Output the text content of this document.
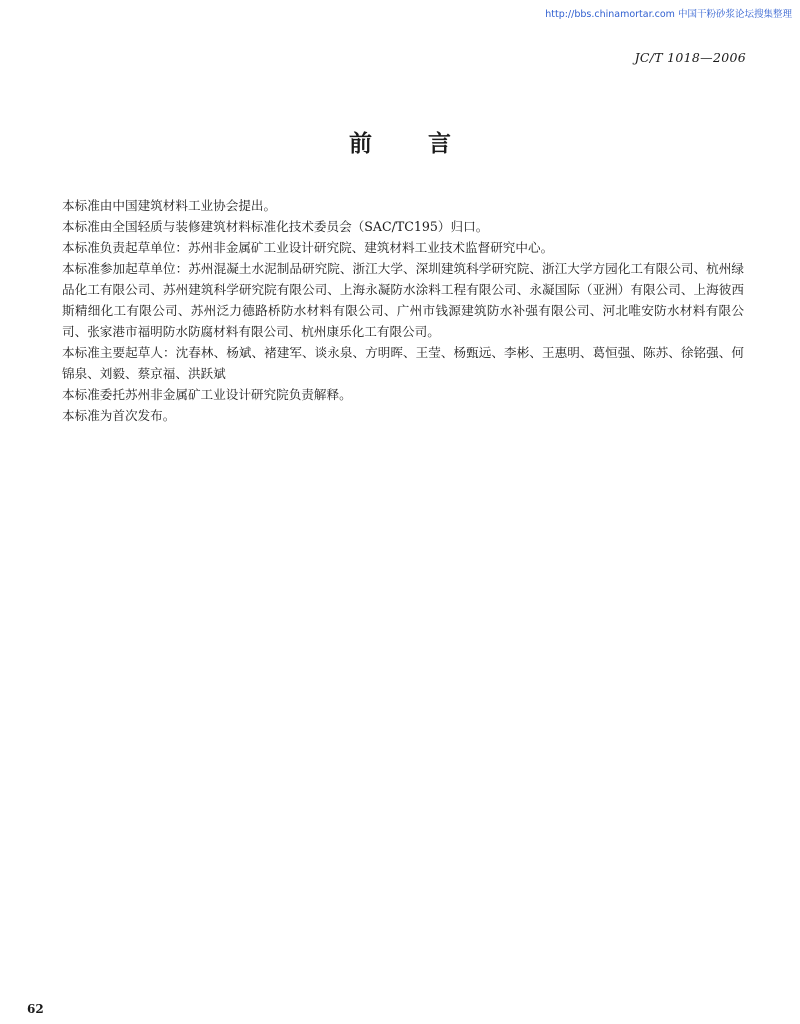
http://bbs.chinamortar.com 中国干粉砂浆论坛搜集整理
JC/T 1018—2006
前言

本标准由中国建筑材料工业协会提出。

本标准由全国轻质与装修建筑材料标准化技术委员会（SAC/TC195）归口。

本标准负责起草单位：苏州非金属矿工业设计研究院、建筑材料工业技术监督研究中心。

本标准参加起草单位：苏州混凝土水泥制品研究院、浙江大学、深圳建筑科学研究院、浙江大学方园化工有限公司、杭州绿品化工有限公司、苏州建筑科学研究院有限公司、上海永凝防水涂料工程有限公司、永凝国际（亚洲）有限公司、上海彼西斯精细化工有限公司、苏州泛力德路桥防水材料有限公司、广州市钱源建筑防水补强有限公司、河北唯安防水材料有限公司、张家港市福明防水防腐材料有限公司、杭州康乐化工有限公司。

本标准主要起草人：沈春林、杨斌、褚建军、谈永泉、方明晖、王莹、杨甄远、李彬、王惠明、葛恒强、陈苏、徐铭强、何锦泉、刘毅、蔡京福、洪跃斌

本标准委托苏州非金属矿工业设计研究院负责解释。

本标准为首次发布。

62
